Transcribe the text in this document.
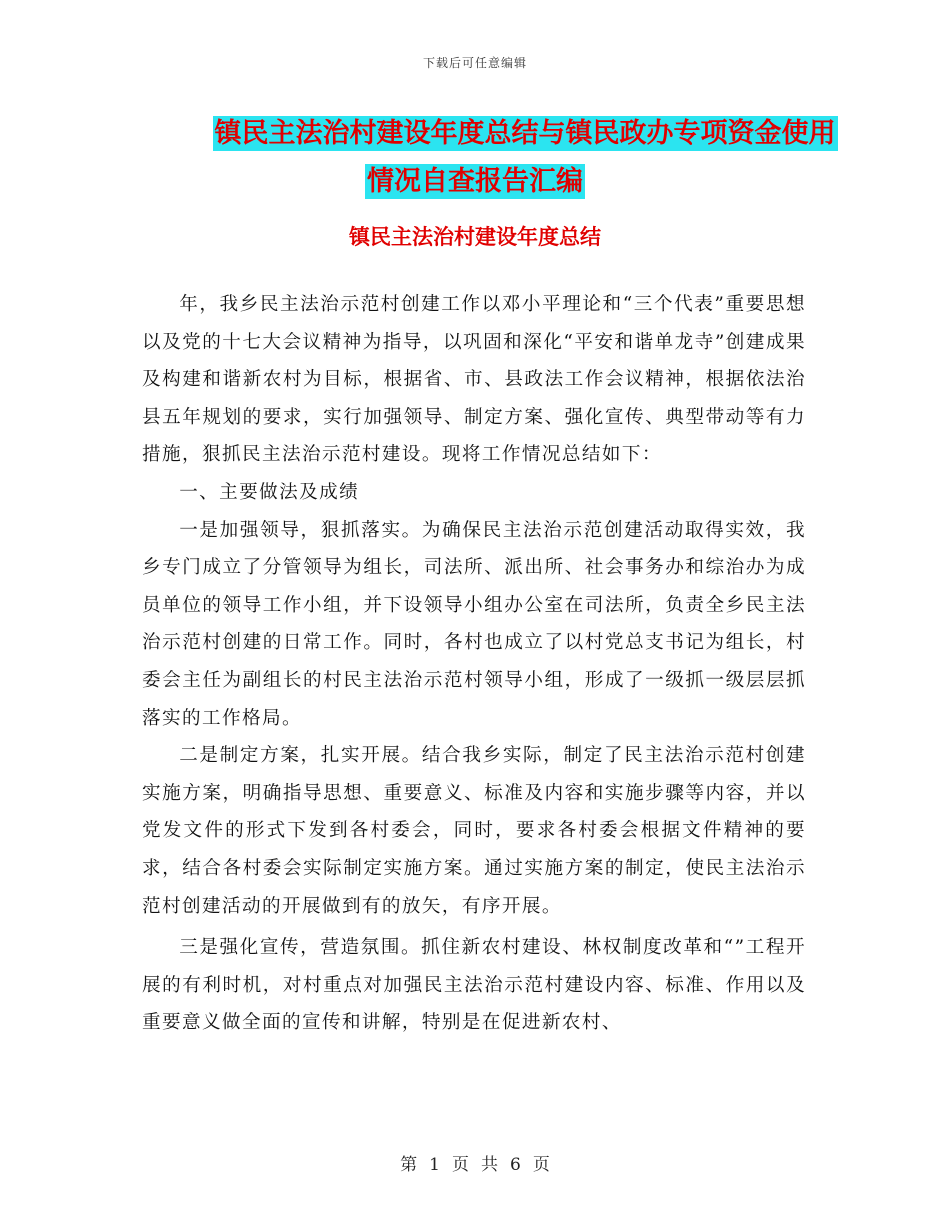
下载后可任意编辑
镇民主法治村建设年度总结与镇民政办专项资金使用
情况自查报告汇编
镇民主法治村建设年度总结

年，我乡民主法治示范村创建工作以邓小平理论和“三个代表”重要思想以及党的十七大会议精神为指导，以巩固和深化“平安和谐单龙寺”创建成果及构建和谐新农村为目标，根据省、市、县政法工作会议精神，根据依法治县五年规划的要求，实行加强领导、制定方案、强化宣传、典型带动等有力措施，狠抓民主法治示范村建设。现将工作情况总结如下：

一、主要做法及成绩

一是加强领导，狠抓落实。为确保民主法治示范创建活动取得实效，我乡专门成立了分管领导为组长，司法所、派出所、社会事务办和综治办为成员单位的领导工作小组，并下设领导小组办公室在司法所，负责全乡民主法治示范村创建的日常工作。同时，各村也成立了以村党总支书记为组长，村委会主任为副组长的村民主法治示范村领导小组，形成了一级抓一级层层抓落实的工作格局。

二是制定方案，扎实开展。结合我乡实际，制定了民主法治示范村创建实施方案，明确指导思想、重要意义、标准及内容和实施步骤等内容，并以党发文件的形式下发到各村委会，同时，要求各村委会根据文件精神的要求，结合各村委会实际制定实施方案。通过实施方案的制定，使民主法治示范村创建活动的开展做到有的放矢，有序开展。

三是强化宣传，营造氛围。抓住新农村建设、林权制度改革和“”工程开展的有利时机，对村重点对加强民主法治示范村建设内容、标准、作用以及重要意义做全面的宣传和讲解，特别是在促进新农村、

第 1 页 共 6 页
